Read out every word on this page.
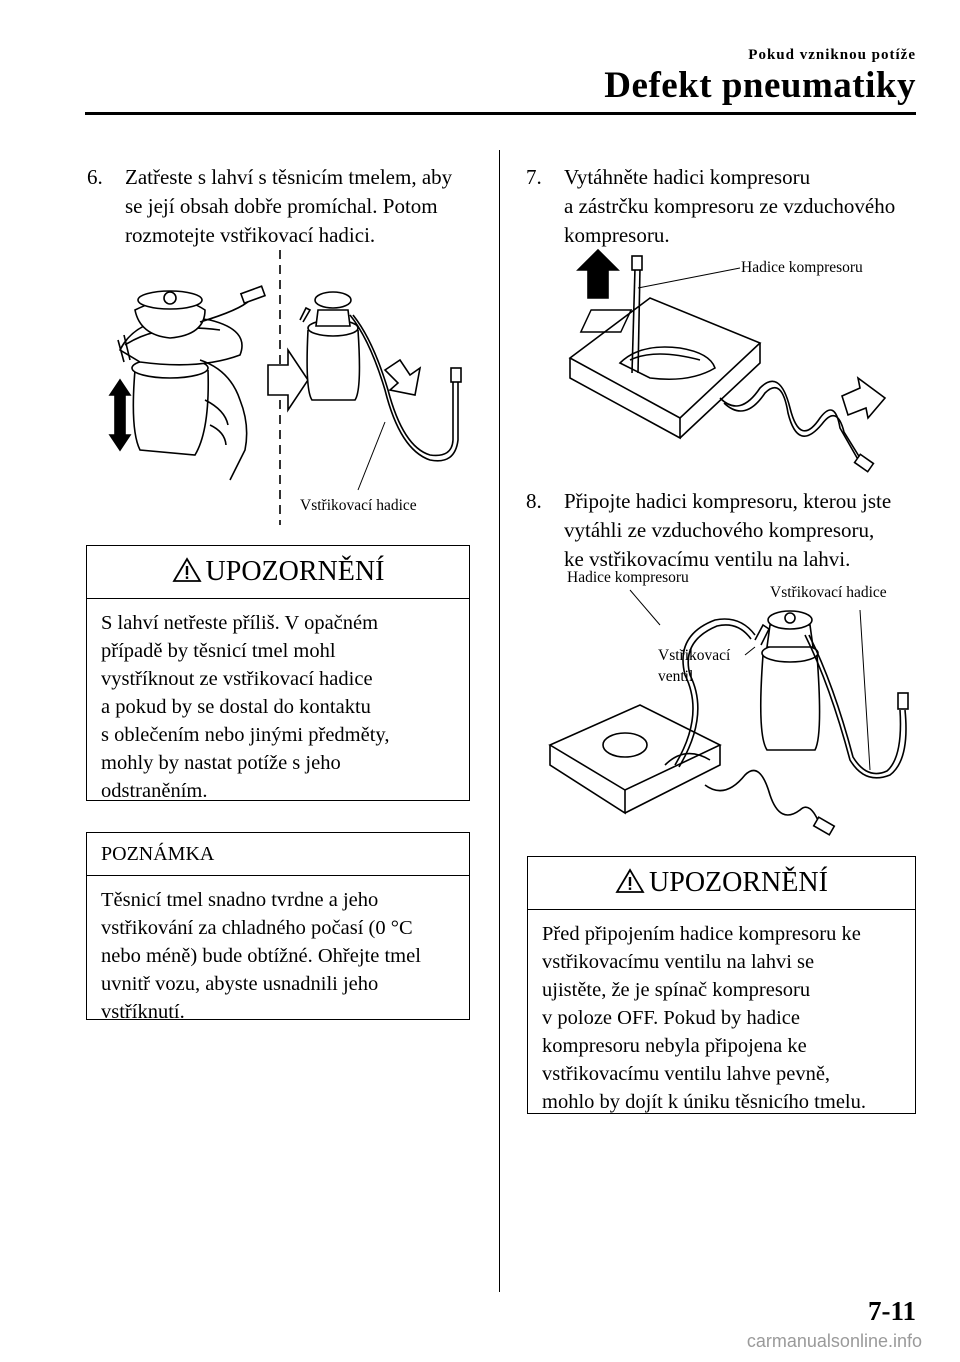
Pokud vzniknou potíže
Defekt pneumatiky
6. Zatřeste s lahví s těsnicím tmelem, aby
se její obsah dobře promíchal. Potom
rozmotejte vstřikovací hadici.
Vstřikovací hadice
UPOZORNĚNÍ
S lahví netřeste příliš. V opačném
případě by těsnicí tmel mohl
vystříknout ze vstřikovací hadice
a pokud by se dostal do kontaktu
s oblečením nebo jinými předměty,
mohly by nastat potíže s jeho
odstraněním.
POZNÁMKA
Těsnicí tmel snadno tvrdne a jeho
vstřikování za chladného počasí (0 °C
nebo méně) bude obtížné. Ohřejte tmel
uvnitř vozu, abyste usnadnili jeho
vstříknutí.
7. Vytáhněte hadici kompresoru
a zástrčku kompresoru ze vzduchového
kompresoru.
Hadice kompresoru
8. Připojte hadici kompresoru, kterou jste
vytáhli ze vzduchového kompresoru,
ke vstřikovacímu ventilu na lahvi.
Hadice kompresoru
Vstřikovací hadice
Vstřikovací
ventil
UPOZORNĚNÍ
Před připojením hadice kompresoru ke
vstřikovacímu ventilu na lahvi se
ujistěte, že je spínač kompresoru
v poloze OFF. Pokud by hadice
kompresoru nebyla připojena ke
vstřikovacímu ventilu lahve pevně,
mohlo by dojít k úniku těsnicího tmelu.
7-11
carmanualsonline.info
